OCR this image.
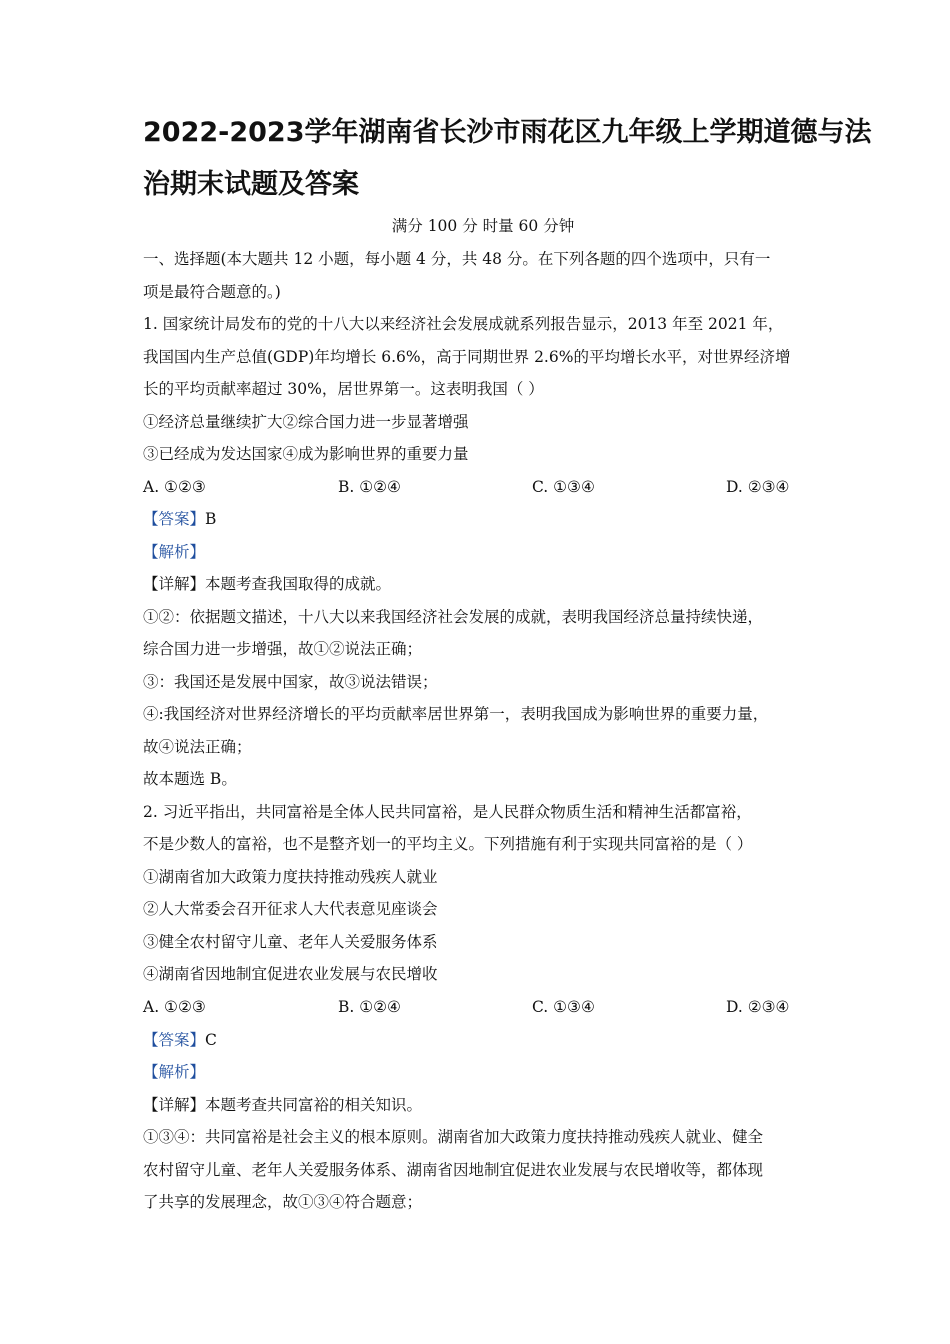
2022-2023学年湖南省长沙市雨花区九年级上学期道德与法
治期末试题及答案
满分 100 分 时量 60 分钟
一、选择题(本大题共 12 小题，每小题 4 分，共 48 分。在下列各题的四个选项中，只有一
项是最符合题意的。)
1. 国家统计局发布的党的十八大以来经济社会发展成就系列报告显示，2013 年至 2021 年，
我国国内生产总值(GDP)年均增长 6.6%，高于同期世界 2.6%的平均增长水平，对世界经济增
长的平均贡献率超过 30%，居世界第一。这表明我国（ ）
①经济总量继续扩大②综合国力进一步显著增强
③已经成为发达国家④成为影响世界的重要力量
A. ①②③	B. ①②④	C. ①③④	D. ②③④
【答案】B
【解析】
【详解】本题考查我国取得的成就。
①②：依据题文描述，十八大以来我国经济社会发展的成就，表明我国经济总量持续快递，
综合国力进一步增强，故①②说法正确；
③：我国还是发展中国家，故③说法错误；
④:我国经济对世界经济增长的平均贡献率居世界第一，表明我国成为影响世界的重要力量，
故④说法正确；
故本题选 B。
2. 习近平指出，共同富裕是全体人民共同富裕，是人民群众物质生活和精神生活都富裕，
不是少数人的富裕，也不是整齐划一的平均主义。下列措施有利于实现共同富裕的是（ ）
①湖南省加大政策力度扶持推动残疾人就业
②人大常委会召开征求人大代表意见座谈会
③健全农村留守儿童、老年人关爱服务体系
④湖南省因地制宜促进农业发展与农民增收
A. ①②③	B. ①②④	C. ①③④	D. ②③④
【答案】C
【解析】
【详解】本题考查共同富裕的相关知识。
①③④：共同富裕是社会主义的根本原则。湖南省加大政策力度扶持推动残疾人就业、健全
农村留守儿童、老年人关爱服务体系、湖南省因地制宜促进农业发展与农民增收等，都体现
了共享的发展理念，故①③④符合题意；
